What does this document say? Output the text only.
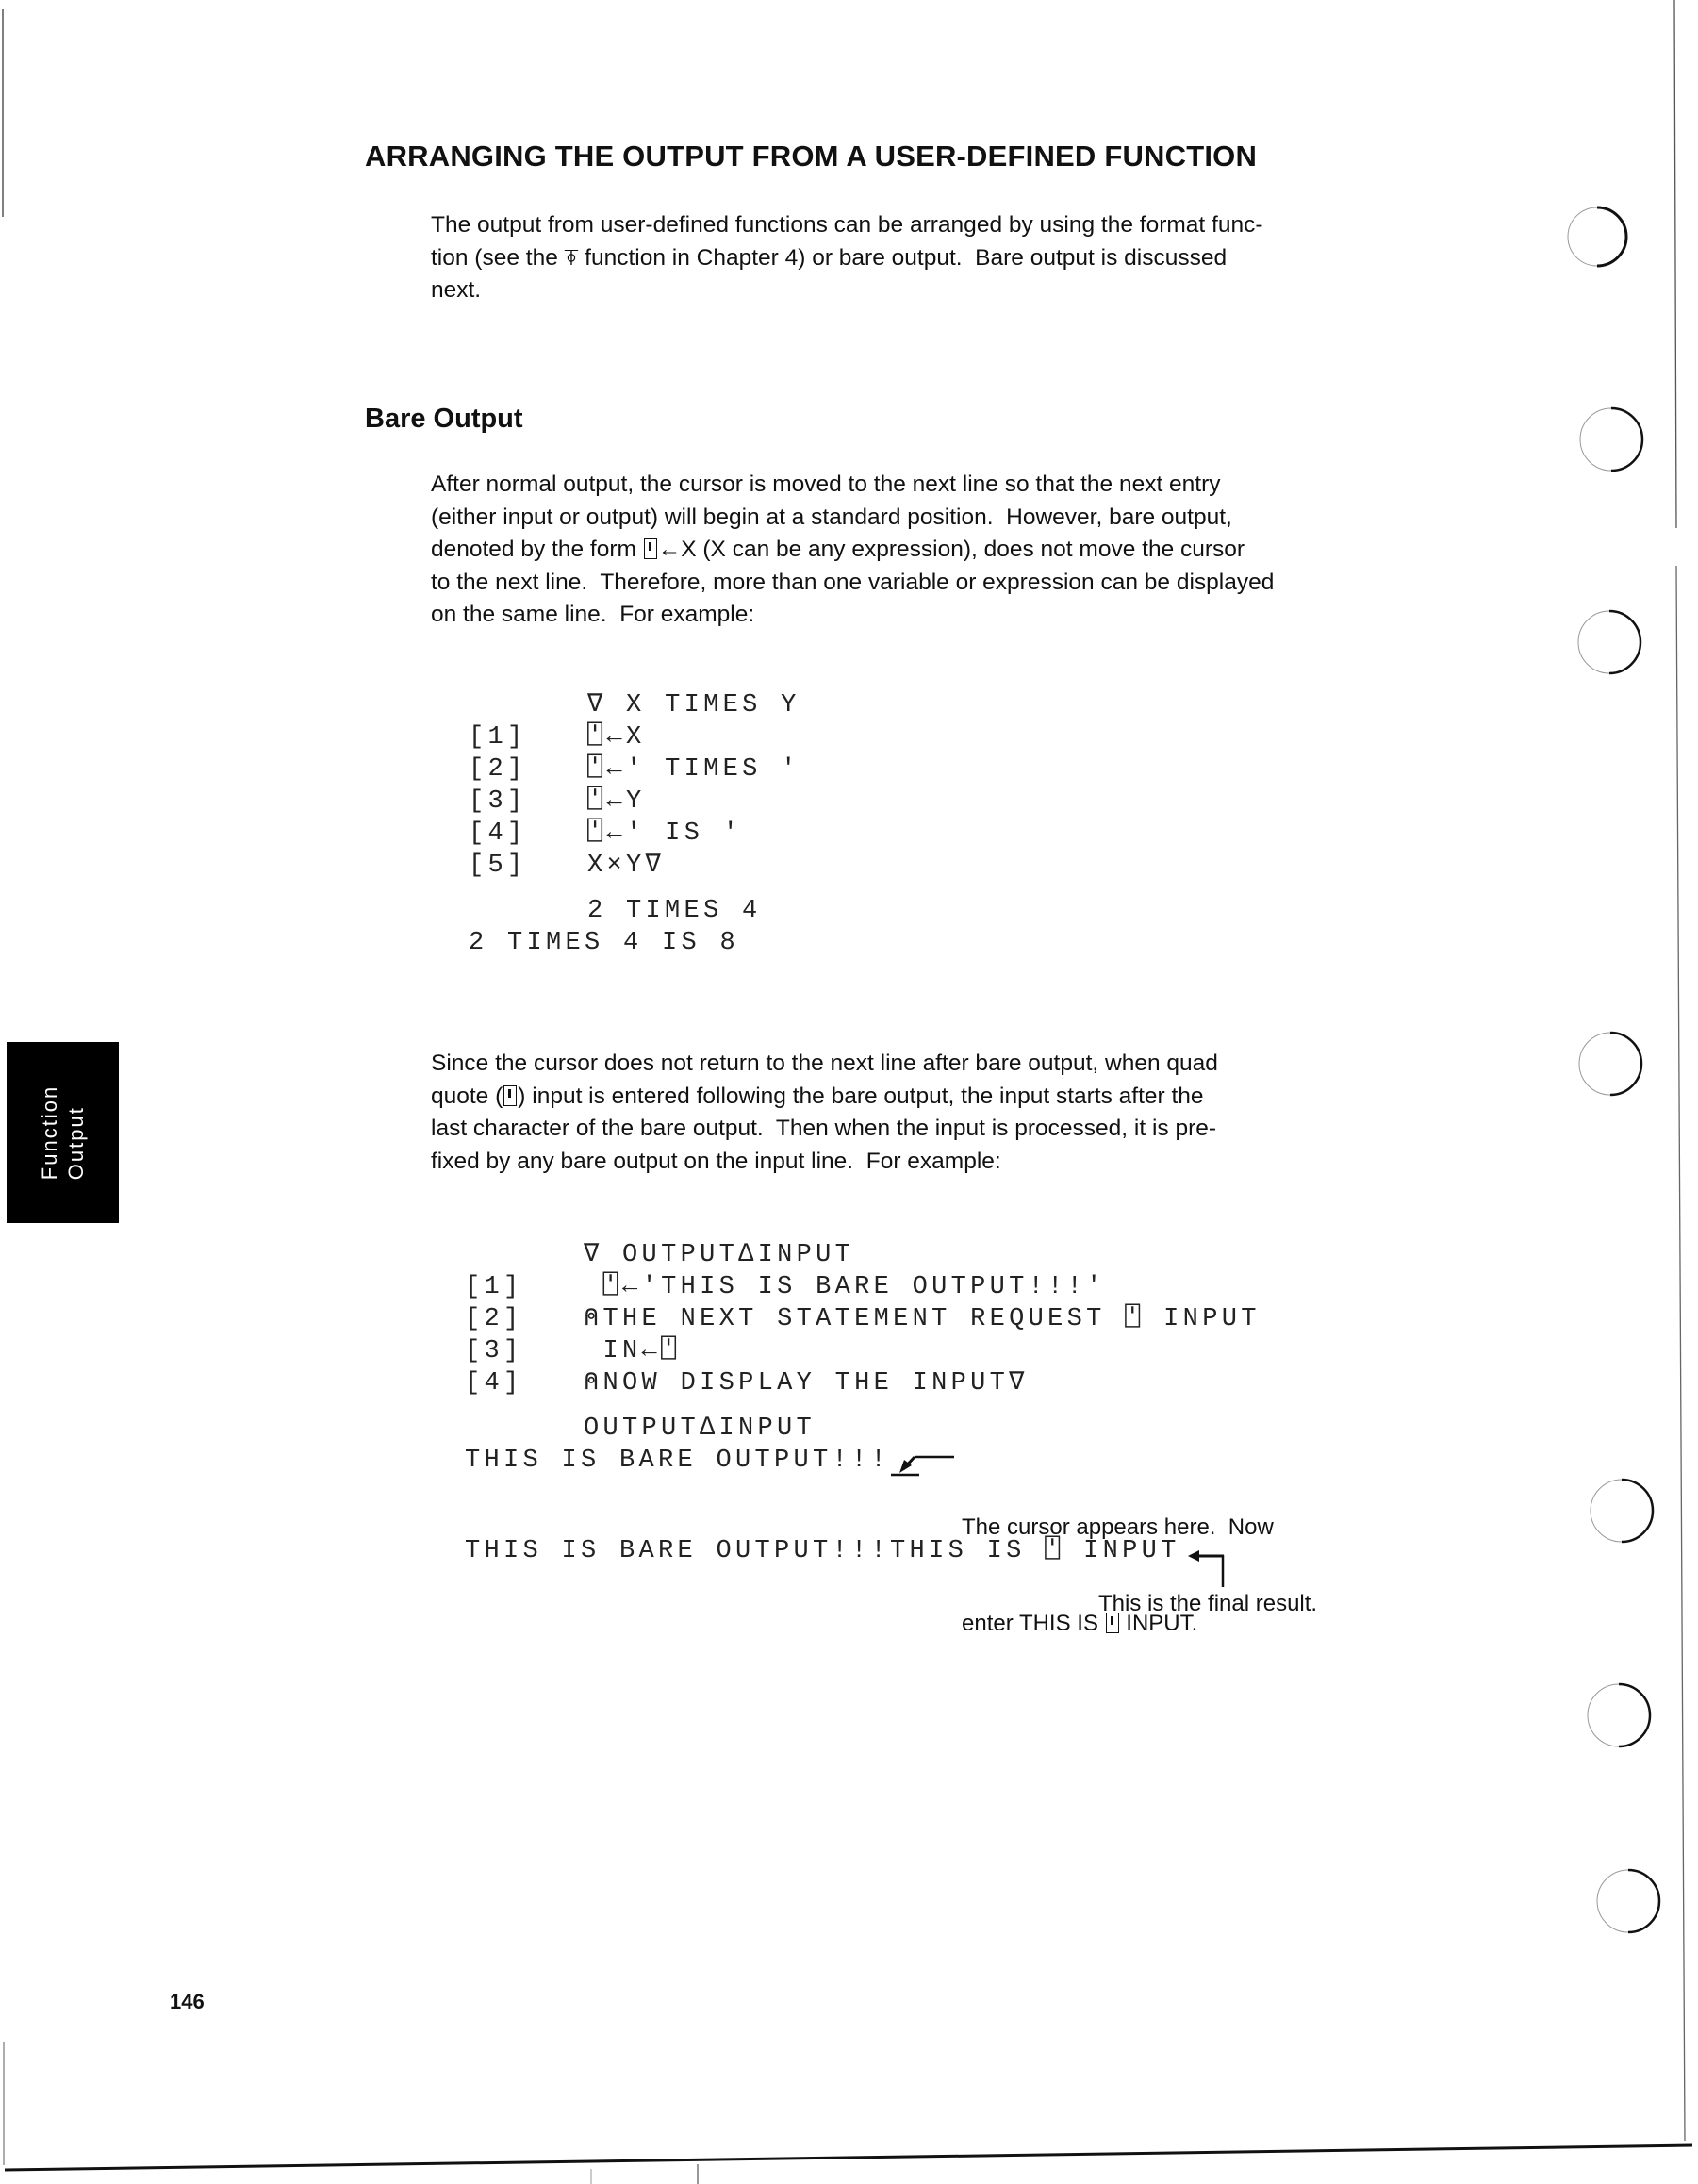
ARRANGING THE OUTPUT FROM A USER-DEFINED FUNCTION
The output from user-defined functions can be arranged by using the format func-
tion (see the ⍕ function in Chapter 4) or bare output.  Bare output is discussed
next.
Bare Output
After normal output, the cursor is moved to the next line so that the next entry
(either input or output) will begin at a standard position.  However, bare output,
denoted by the form ←X (X can be any expression), does not move the cursor
to the next line.  Therefore, more than one variable or expression can be displayed
on the same line.  For example:
∇ X TIMES Y
[1] ⍞←X
[2] ⍞←' TIMES '
[3] ⍞←Y
[4] ⍞←' IS '
[5] X×Y∇
2 TIMES 4
2 TIMES 4 IS 8
Since the cursor does not return to the next line after bare output, when quad
quote ( ) input is entered following the bare output, the input starts after the
last character of the bare output.  Then when the input is processed, it is pre-
fixed by any bare output on the input line.  For example:
∇ OUTPUT∆INPUT
[1] ⍞←'THIS IS BARE OUTPUT!!!'
[2] ⍝THE NEXT STATEMENT REQUEST ⍞ INPUT
[3] IN←⍞
[4] ⍝NOW DISPLAY THE INPUT∇
OUTPUT∆INPUT
THIS IS BARE OUTPUT!!!
THIS IS BARE OUTPUT!!!THIS IS ⍞ INPUT

The cursor appears here.  Now

enter THIS IS  INPUT.

This is the final result.
Function Output
146
